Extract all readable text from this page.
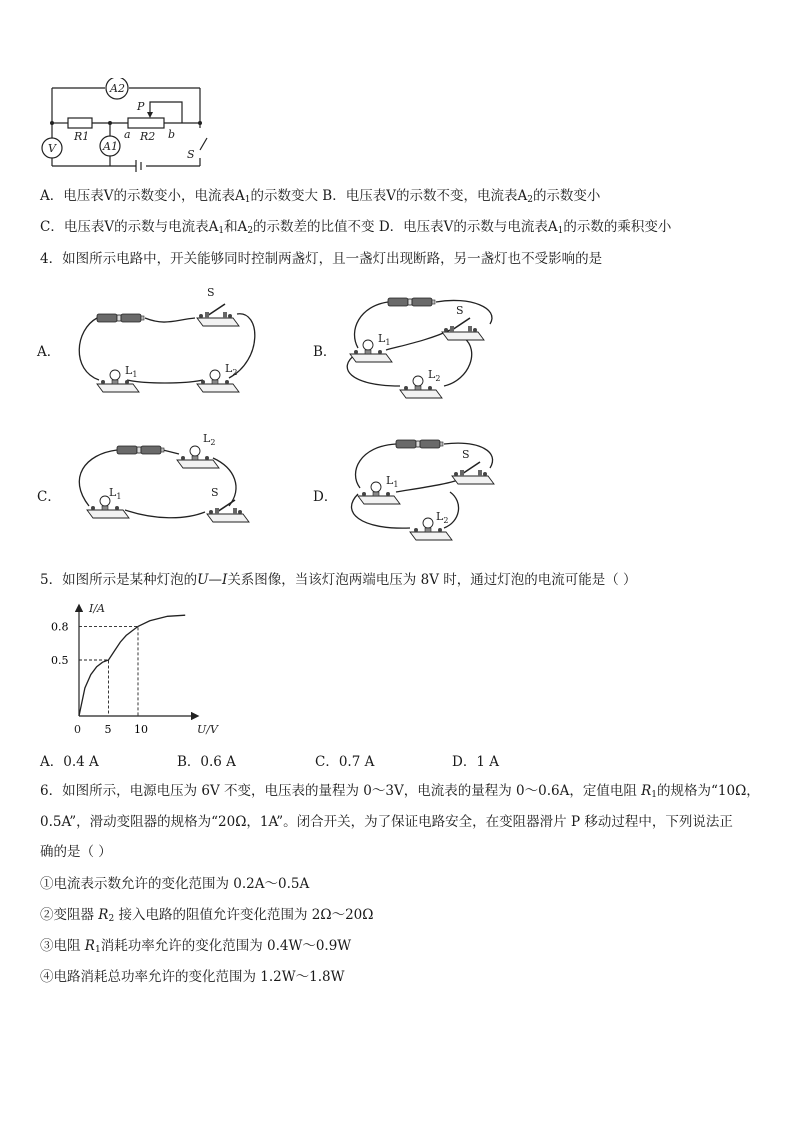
A2
V	A1
R1	R2
P
a	b
S
A．电压表V的示数变小，电流表$A_1$的示数变大 B．电压表V的示数不变，电流表$A_2$的示数变小
C．电压表V的示数与电流表$A_1$和$A_2$的示数差的比值不变 D．电压表V的示数与电流表$A_1$的示数的乘积变小
4．如图所示电路中，开关能够同时控制两盏灯，且一盏灯出现断路，另一盏灯也不受影响的是
A．	B．
C．	D．
S
$L_1$	$L_2$
S
$L_1$
$L_2$
$L_2$
$L_1$	S
S
$L_1$
$L_2$
5．如图所示是某种灯泡的U—I关系图像，当该灯泡两端电压为 8V 时，通过灯泡的电流可能是（ ）
5 10
0.5
0.8
I/A
U/V
0
A．0.4 A	B．0.6 A	C．0.7 A	D．1 A
6．如图所示，电源电压为 6V 不变，电压表的量程为 0～3V，电流表的量程为 0～0.6A，定值电阻 $R_1$的规格为“10Ω，
0.5A”，滑动变阻器的规格为“20Ω，1A”。闭合开关，为了保证电路安全，在变阻器滑片 P 移动过程中，下列说法正
确的是（ ）
①电流表示数允许的变化范围为 0.2A～0.5A
②变阻器 $R_2$ 接入电路的阻值允许变化范围为 2Ω～20Ω
③电阻 $R_1$消耗功率允许的变化范围为 0.4W～0.9W
④电路消耗总功率允许的变化范围为 1.2W～1.8W
